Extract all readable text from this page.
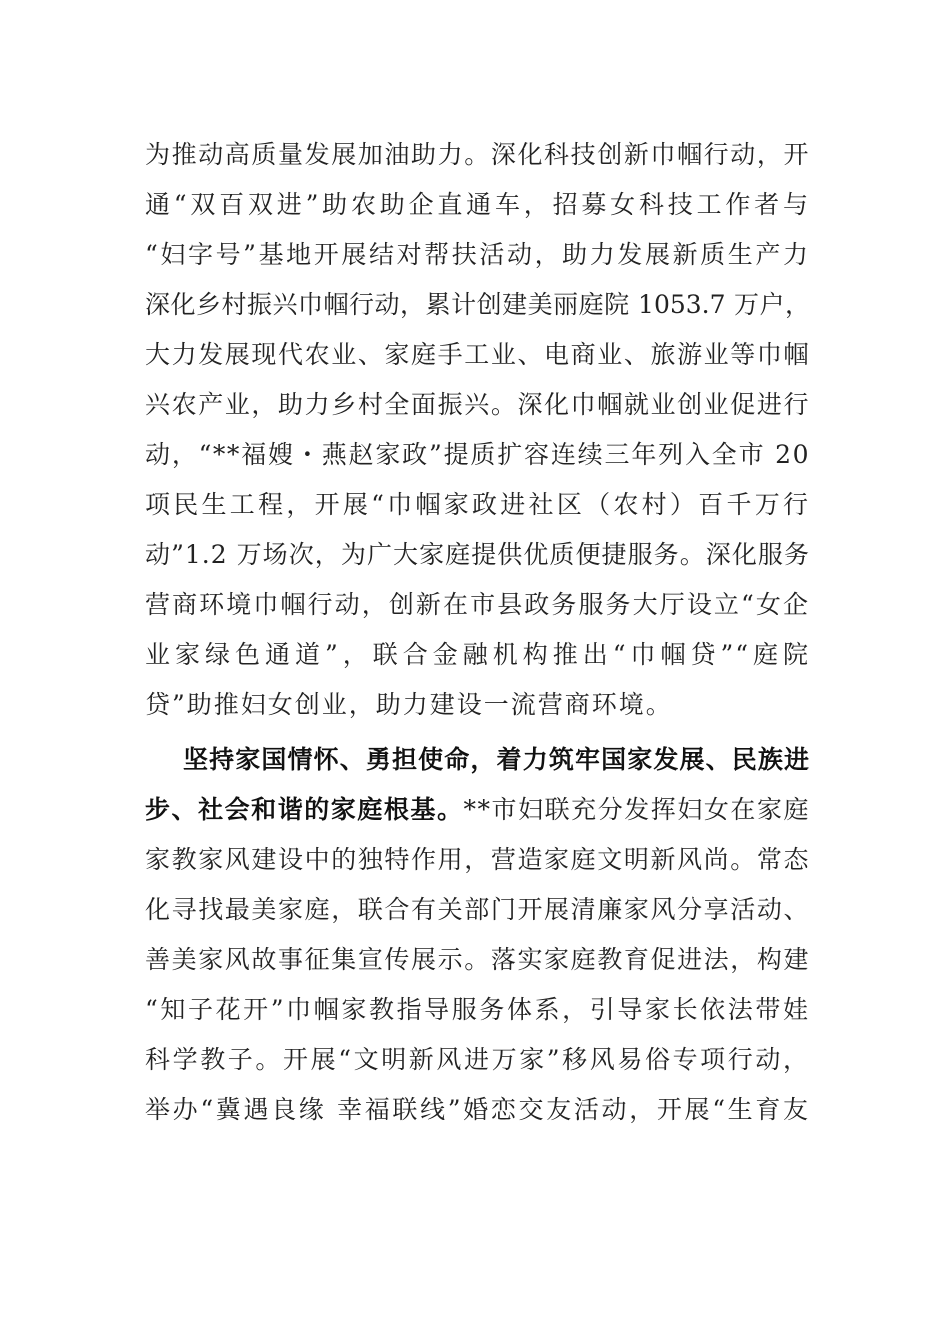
为推动高质量发展加油助力。深化科技创新巾帼行动，开
通“双百双进”助农助企直通车，招募女科技工作者与
“妇字号”基地开展结对帮扶活动，助力发展新质生产力
深化乡村振兴巾帼行动，累计创建美丽庭院 1053.7 万户，
大力发展现代农业、家庭手工业、电商业、旅游业等巾帼
兴农产业，助力乡村全面振兴。深化巾帼就业创业促进行
动，“**福嫂・燕赵家政”提质扩容连续三年列入全市 20
项民生工程，开展“巾帼家政进社区（农村）百千万行
动”1.2 万场次，为广大家庭提供优质便捷服务。深化服务
营商环境巾帼行动，创新在市县政务服务大厅设立“女企
业家绿色通道”，联合金融机构推出“巾帼贷”“庭院
贷”助推妇女创业，助力建设一流营商环境。
坚持家国情怀、勇担使命，着力筑牢国家发展、民族进
步、社会和谐的家庭根基。**市妇联充分发挥妇女在家庭
家教家风建设中的独特作用，营造家庭文明新风尚。常态
化寻找最美家庭，联合有关部门开展清廉家风分享活动、
善美家风故事征集宣传展示。落实家庭教育促进法，构建
“知子花开”巾帼家教指导服务体系，引导家长依法带娃
科学教子。开展“文明新风进万家”移风易俗专项行动，
举办“冀遇良缘 幸福联线”婚恋交友活动，开展“生育友
